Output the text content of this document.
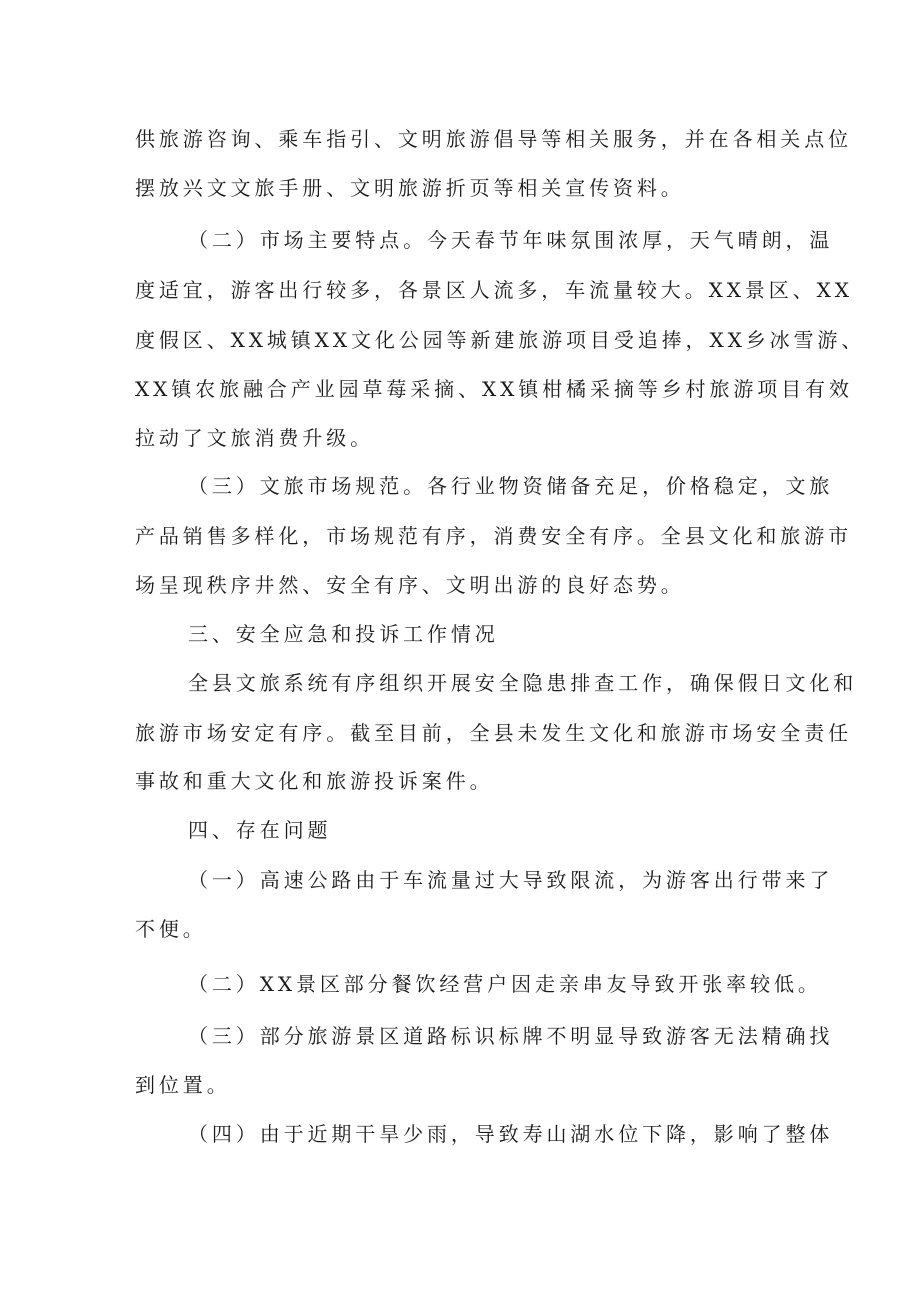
供旅游咨询、乘车指引、文明旅游倡导等相关服务，并在各相关点位
摆放兴文文旅手册、文明旅游折页等相关宣传资料。
（二）市场主要特点。今天春节年味氛围浓厚，天气晴朗，温
度适宜，游客出行较多，各景区人流多，车流量较大。XX景区、XX
度假区、XX城镇XX文化公园等新建旅游项目受追捧，XX乡冰雪游、
XX镇农旅融合产业园草莓采摘、XX镇柑橘采摘等乡村旅游项目有效
拉动了文旅消费升级。
（三）文旅市场规范。各行业物资储备充足，价格稳定，文旅
产品销售多样化，市场规范有序，消费安全有序。全县文化和旅游市
场呈现秩序井然、安全有序、文明出游的良好态势。
三、安全应急和投诉工作情况
全县文旅系统有序组织开展安全隐患排查工作，确保假日文化和
旅游市场安定有序。截至目前，全县未发生文化和旅游市场安全责任
事故和重大文化和旅游投诉案件。
四、存在问题
（一）高速公路由于车流量过大导致限流，为游客出行带来了
不便。
（二）XX景区部分餐饮经营户因走亲串友导致开张率较低。
（三）部分旅游景区道路标识标牌不明显导致游客无法精确找
到位置。
（四）由于近期干旱少雨，导致寿山湖水位下降，影响了整体
